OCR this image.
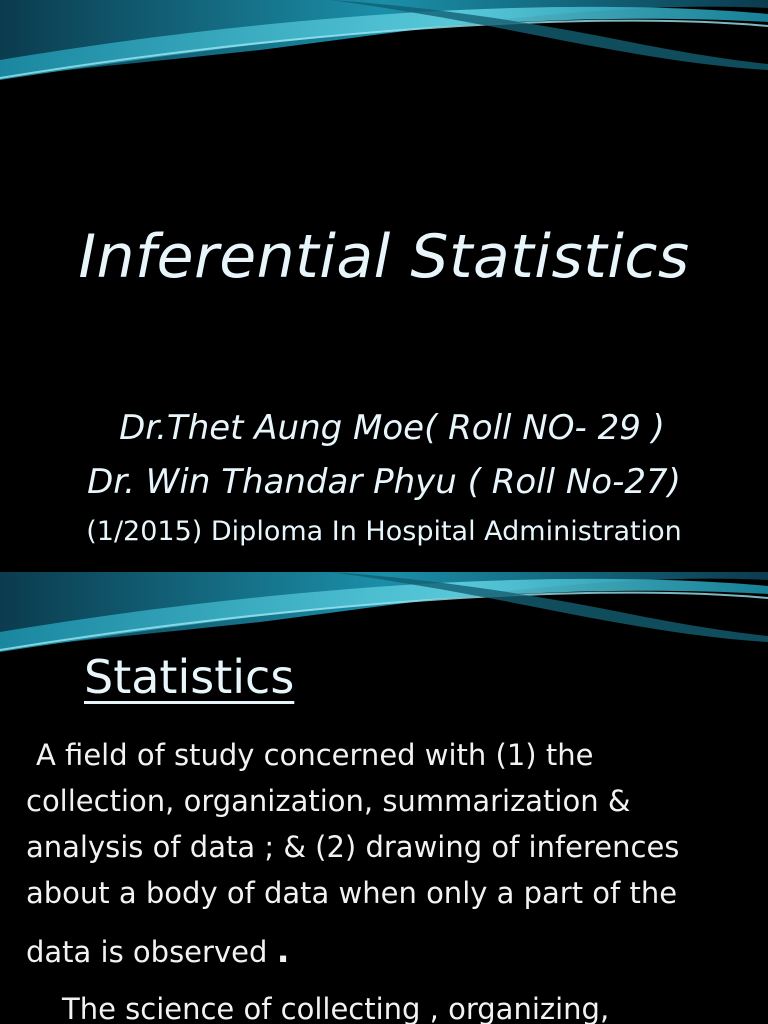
Inferential Statistics
Dr.Thet Aung Moe( Roll NO- 29 )
Dr. Win Thandar Phyu ( Roll No-27)
(1/2015) Diploma In Hospital Administration
Statistics

A field of study concerned with (1) the

collection, organization, summarization &

analysis of data ; & (2) drawing of inferences

about a body of data when only a part of the

data is observed .

The science of collecting , organizing,
